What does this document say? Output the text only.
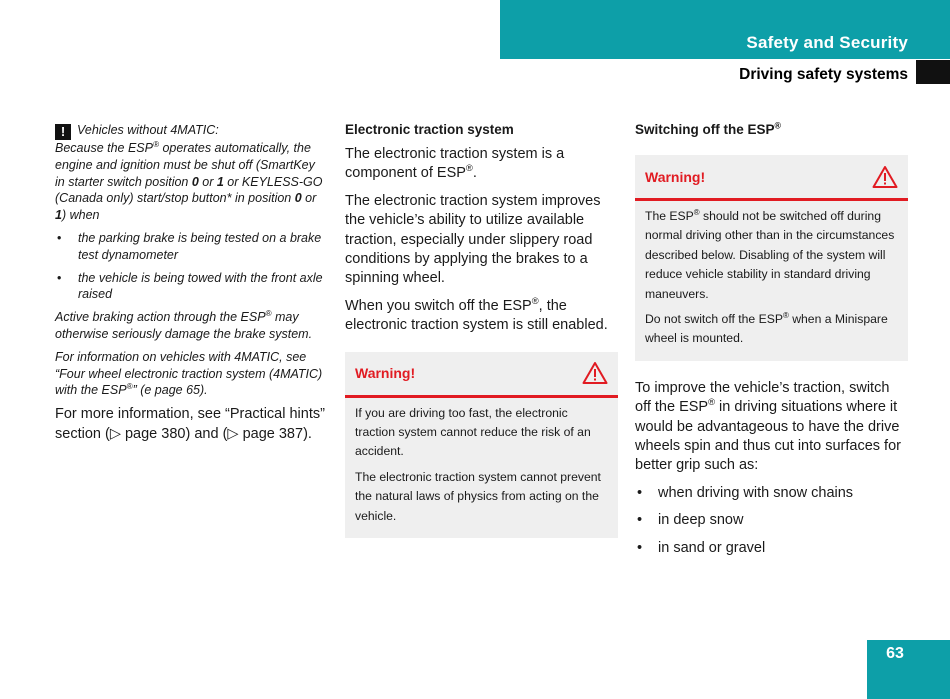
Safety and Security
Driving safety systems

! Vehicles without 4MATIC:
Because the ESP® operates automatically, the engine and ignition must be shut off (SmartKey in starter switch position 0 or 1 or KEYLESS-GO (Canada only) start/stop button* in position 0 or 1) when

• the parking brake is being tested on a brake test dynamometer
• the vehicle is being towed with the front axle raised

Active braking action through the ESP® may otherwise seriously damage the brake system.

For information on vehicles with 4MATIC, see “Four wheel electronic traction system (4MATIC) with the ESP®” (e page 65).

For more information, see “Practical hints” section (▷ page 380) and (▷ page 387).

Electronic traction system

The electronic traction system is a component of ESP®.

The electronic traction system improves the vehicle’s ability to utilize available traction, especially under slippery road conditions by applying the brakes to a spinning wheel.

When you switch off the ESP®, the electronic traction system is still enabled.

Warning!

If you are driving too fast, the electronic traction system cannot reduce the risk of an accident.

The electronic traction system cannot prevent the natural laws of physics from acting on the vehicle.

Switching off the ESP®
Warning!

The ESP® should not be switched off during normal driving other than in the circumstances described below. Disabling of the system will reduce vehicle stability in standard driving maneuvers.

Do not switch off the ESP® when a Minispare wheel is mounted.

To improve the vehicle’s traction, switch off the ESP® in driving situations where it would be advantageous to have the drive wheels spin and thus cut into surfaces for better grip such as:

• when driving with snow chains
• in deep snow
• in sand or gravel
63
